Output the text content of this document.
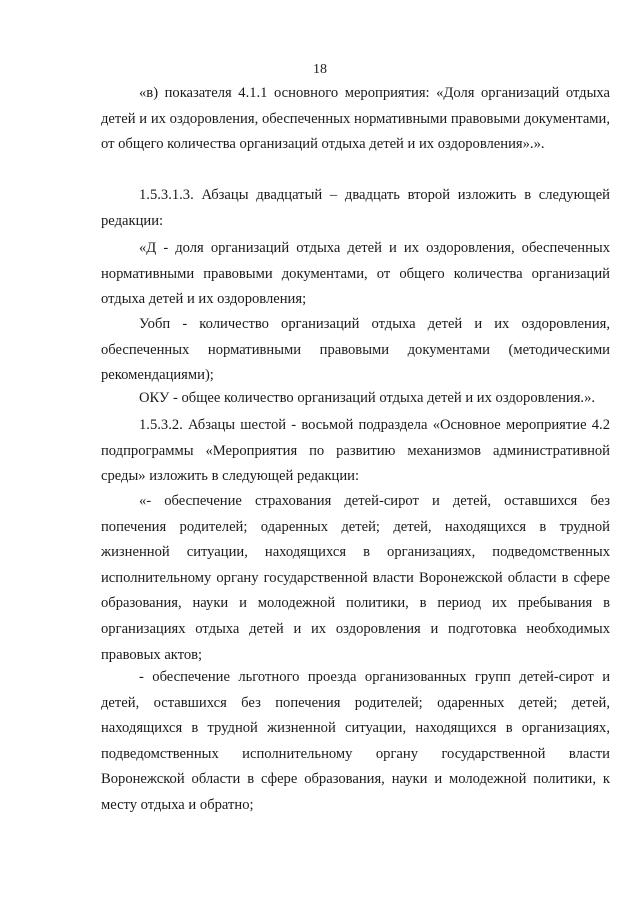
18

«в) показателя 4.1.1 основного мероприятия: «Доля организаций отдыха детей и их оздоровления, обеспеченных нормативными правовыми документами, от общего количества организаций отдыха детей и их оздоровления».».

1.5.3.1.3. Абзацы двадцатый – двадцать второй изложить в следующей редакции:

«Д - доля организаций отдыха детей и их оздоровления, обеспеченных нормативными правовыми документами, от общего количества организаций отдыха детей и их оздоровления;

Уобп - количество организаций отдыха детей и их оздоровления, обеспеченных нормативными правовыми документами (методическими рекомендациями);

ОКУ - общее количество организаций отдыха детей и их оздоровления.».

1.5.3.2. Абзацы шестой - восьмой подраздела «Основное мероприятие 4.2 подпрограммы «Мероприятия по развитию механизмов административной среды» изложить в следующей редакции:

«- обеспечение страхования детей-сирот и детей, оставшихся без попечения родителей; одаренных детей; детей, находящихся в трудной жизненной ситуации, находящихся в организациях, подведомственных исполнительному органу государственной власти Воронежской области в сфере образования, науки и молодежной политики, в период их пребывания в организациях отдыха детей и их оздоровления и подготовка необходимых правовых актов;

- обеспечение льготного проезда организованных групп детей-сирот и детей, оставшихся без попечения родителей; одаренных детей; детей, находящихся в трудной жизненной ситуации, находящихся в организациях, подведомственных исполнительному органу государственной власти Воронежской области в сфере образования, науки и молодежной политики, к месту отдыха и обратно;
